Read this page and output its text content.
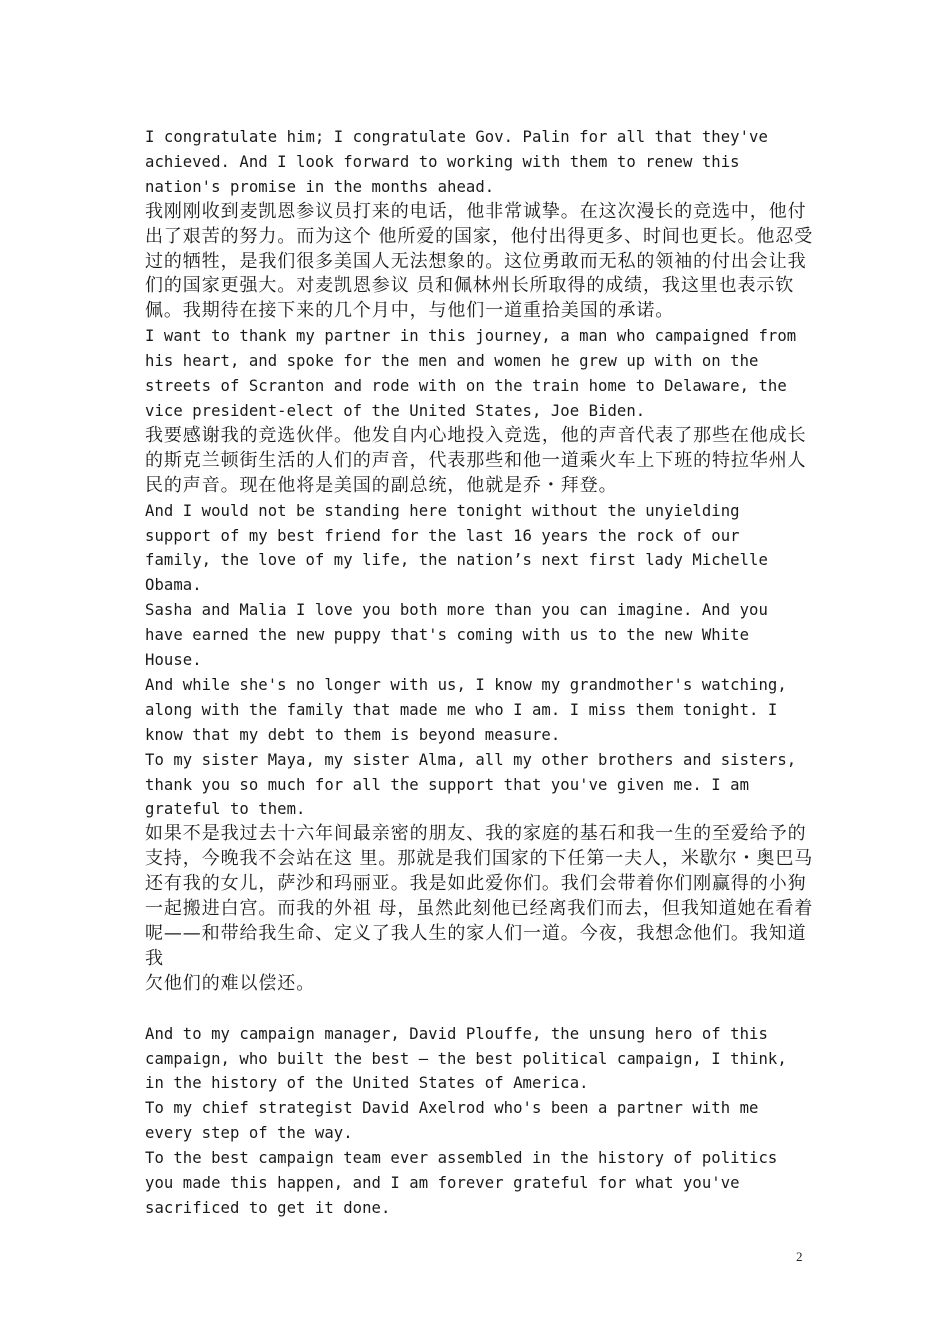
I congratulate him; I congratulate Gov. Palin for all that they've
achieved. And I look forward to working with them to renew this
nation's promise in the months ahead.

我刚刚收到麦凯恩参议员打来的电话，他非常诚挚。在这次漫长的竞选中，他付
出了艰苦的努力。而为这个 他所爱的国家，他付出得更多、时间也更长。他忍受
过的牺牲，是我们很多美国人无法想象的。这位勇敢而无私的领袖的付出会让我
们的国家更强大。对麦凯恩参议 员和佩林州长所取得的成绩，我这里也表示钦
佩。我期待在接下来的几个月中，与他们一道重拾美国的承诺。

I want to thank my partner in this journey, a man who campaigned from
his heart, and spoke for the men and women he grew up with on the
streets of Scranton and rode with on the train home to Delaware, the
vice president-elect of the United States, Joe Biden.

我要感谢我的竞选伙伴。他发自内心地投入竞选，他的声音代表了那些在他成长
的斯克兰顿街生活的人们的声音，代表那些和他一道乘火车上下班的特拉华州人
民的声音。现在他将是美国的副总统，他就是乔・拜登。

And I would not be standing here tonight without the unyielding
support of my best friend for the last 16 years the rock of our
family, the love of my life, the nation’s next first lady Michelle
Obama.

Sasha and Malia I love you both more than you can imagine. And you
have earned the new puppy that's coming with us to the new White
House.

And while she's no longer with us, I know my grandmother's watching,
along with the family that made me who I am. I miss them tonight. I
know that my debt to them is beyond measure.

To my sister Maya, my sister Alma, all my other brothers and sisters,
thank you so much for all the support that you've given me. I am
grateful to them.

如果不是我过去十六年间最亲密的朋友、我的家庭的基石和我一生的至爱给予的
支持，今晚我不会站在这 里。那就是我们国家的下任第一夫人，米歇尔・奥巴马
还有我的女儿，萨沙和玛丽亚。我是如此爱你们。我们会带着你们刚赢得的小狗
一起搬进白宫。而我的外祖 母，虽然此刻他已经离我们而去，但我知道她在看着
呢——和带给我生命、定义了我人生的家人们一道。今夜，我想念他们。我知道我
欠他们的难以偿还。

And to my campaign manager, David Plouffe, the unsung hero of this
campaign, who built the best — the best political campaign, I think,
in the history of the United States of America.

To my chief strategist David Axelrod who's been a partner with me
every step of the way.

To the best campaign team ever assembled in the history of politics
you made this happen, and I am forever grateful for what you've
sacrificed to get it done.

2
